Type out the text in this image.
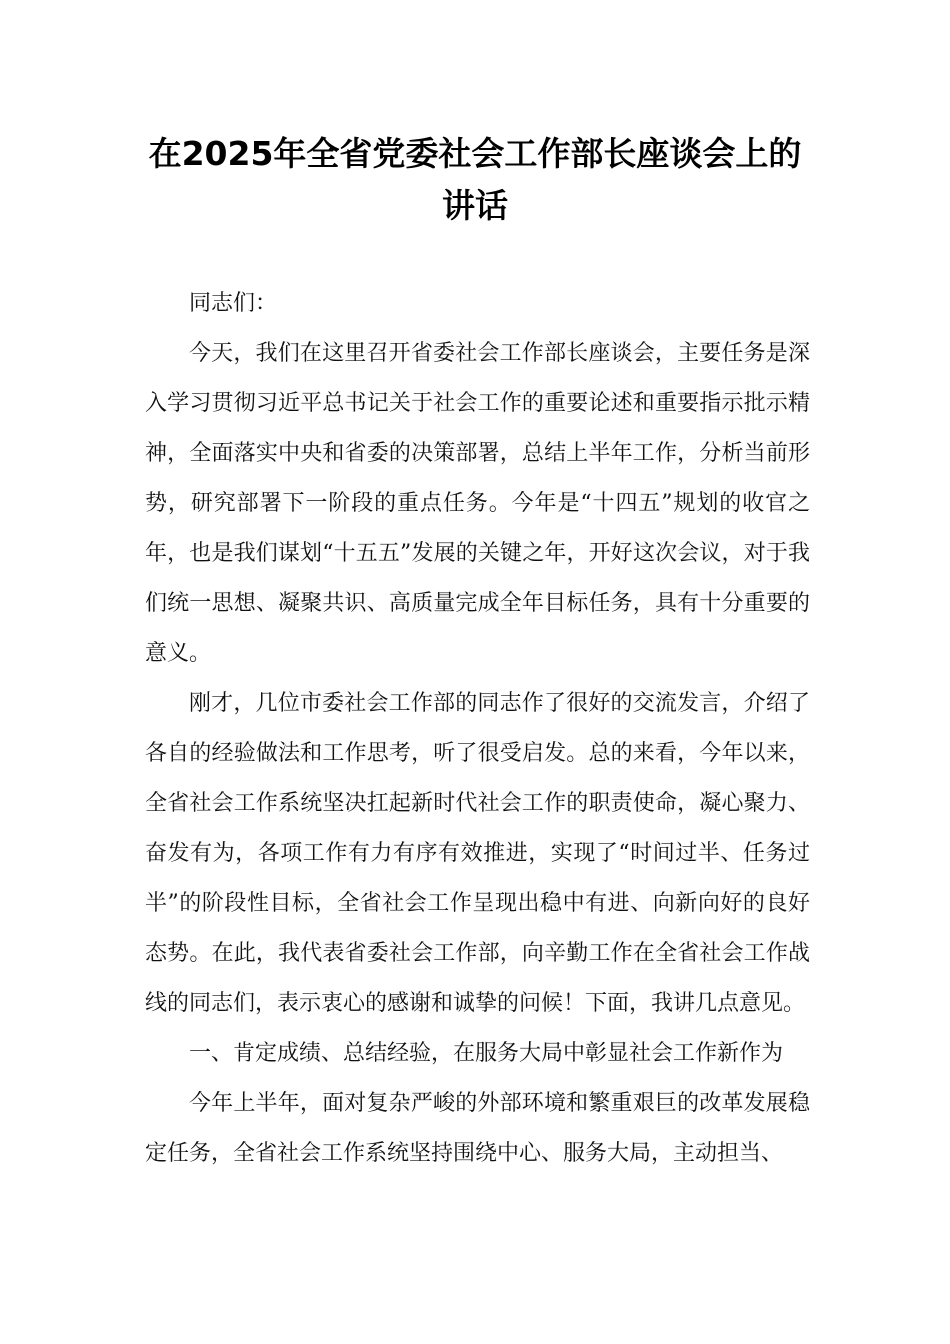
在2025年全省党委社会工作部长座谈会上的讲话

同志们：

今天，我们在这里召开省委社会工作部长座谈会，主要任务是深入学习贯彻习近平总书记关于社会工作的重要论述和重要指示批示精神，全面落实中央和省委的决策部署，总结上半年工作，分析当前形势，研究部署下一阶段的重点任务。今年是“十四五”规划的收官之年，也是我们谋划“十五五”发展的关键之年，开好这次会议，对于我们统一思想、凝聚共识、高质量完成全年目标任务，具有十分重要的意义。

刚才，几位市委社会工作部的同志作了很好的交流发言，介绍了各自的经验做法和工作思考，听了很受启发。总的来看，今年以来，全省社会工作系统坚决扛起新时代社会工作的职责使命，凝心聚力、奋发有为，各项工作有力有序有效推进，实现了“时间过半、任务过半”的阶段性目标，全省社会工作呈现出稳中有进、向新向好的良好态势。在此，我代表省委社会工作部，向辛勤工作在全省社会工作战线的同志们，表示衷心的感谢和诚挚的问候！下面，我讲几点意见。

一、肯定成绩、总结经验，在服务大局中彰显社会工作新作为

今年上半年，面对复杂严峻的外部环境和繁重艰巨的改革发展稳定任务，全省社会工作系统坚持围绕中心、服务大局，主动担当、
